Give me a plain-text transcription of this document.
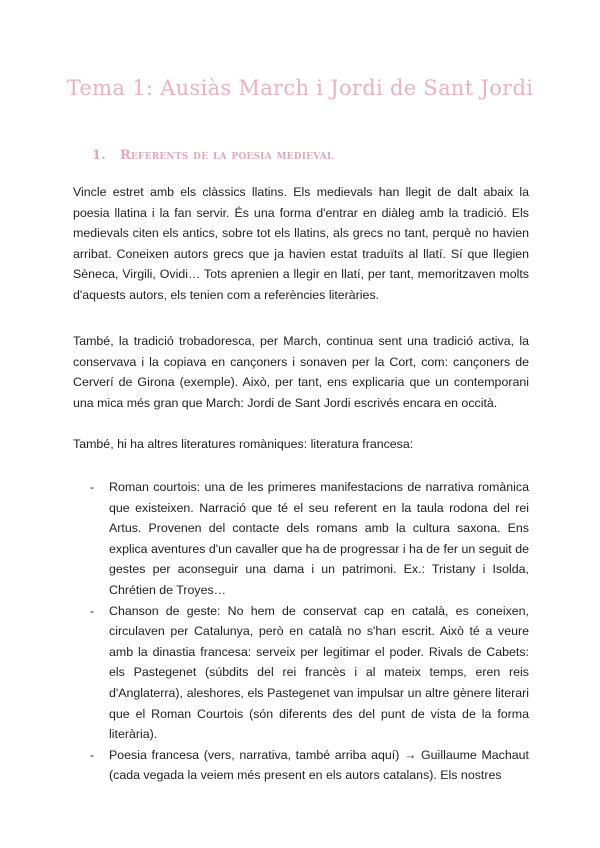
Tema 1: Ausiàs March i Jordi de Sant Jordi
1. Referents de la poesia medieval

Vincle estret amb els clàssics llatins. Els medievals han llegit de dalt abaix la poesia llatina i la fan servir. És una forma d'entrar en diàleg amb la tradició. Els medievals citen els antics, sobre tot els llatins, als grecs no tant, perquè no havien arribat. Coneixen autors grecs que ja havien estat traduïts al llatí. Sí que llegien Sèneca, Virgili, Ovidi… Tots aprenien a llegir en llatí, per tant, memoritzaven molts d'aquests autors, els tenien com a referències literàries.

També, la tradició trobadoresca, per March, continua sent una tradició activa, la conservava i la copiava en cançoners i sonaven per la Cort, com: cançoners de Cerverí de Girona (exemple). Això, per tant, ens explicaria que un contemporani una mica més gran que March: Jordi de Sant Jordi escrivés encara en occità.

També, hi ha altres literatures romàniques: literatura francesa:

- Roman courtois: una de les primeres manifestacions de narrativa romànica que existeixen. Narració que té el seu referent en la taula rodona del rei Artus. Provenen del contacte dels romans amb la cultura saxona. Ens explica aventures d'un cavaller que ha de progressar i ha de fer un seguit de gestes per aconseguir una dama i un patrimoni. Ex.: Tristany i Isolda, Chrétien de Troyes…
- Chanson de geste: No hem de conservat cap en català, es coneixen, circulaven per Catalunya, però en català no s'han escrit. Això té a veure amb la dinastia francesa: serveix per legitimar el poder. Rivals de Cabets: els Pastegenet (súbdits del rei francès i al mateix temps, eren reis d'Anglaterra), aleshores, els Pastegenet van impulsar un altre gènere literari que el Roman Courtois (són diferents des del punt de vista de la forma literària).
- Poesia francesa (vers, narrativa, també arriba aquí) → Guillaume Machaut (cada vegada la veiem més present en els autors catalans). Els nostres
